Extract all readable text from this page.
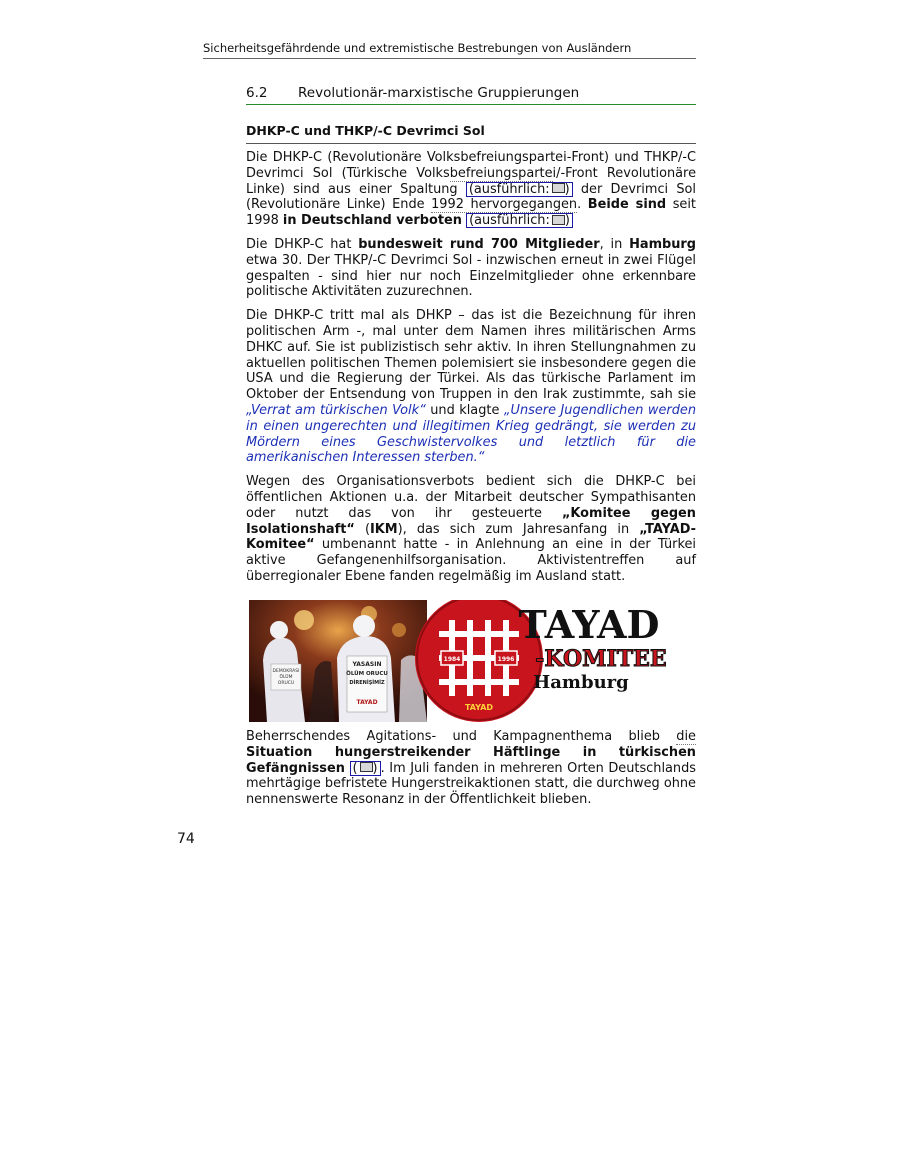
Sicherheitsgefährdende und extremistische Bestrebungen von Ausländern
6.2 Revolutionär-marxistische Gruppierungen
DHKP-C und THKP/-C Devrimci Sol

Die DHKP-C (Revolutionäre Volksbefreiungspartei-Front) und THKP/-C Devrimci Sol (Türkische Volksbefreiungspartei/-Front Revolutionäre Linke) sind aus einer Spaltung (ausführlich: ) der Devrimci Sol (Revolutionäre Linke) Ende 1992 hervorgegangen. Beide sind seit 1998 in Deutschland verboten (ausführlich: )

Die DHKP-C hat bundesweit rund 700 Mitglieder, in Hamburg etwa 30. Der THKP/-C Devrimci Sol - inzwischen erneut in zwei Flügel gespalten - sind hier nur noch Einzelmitglieder ohne erkennbare politische Aktivitäten zuzurechnen.

Die DHKP-C tritt mal als DHKP – das ist die Bezeichnung für ihren politischen Arm -, mal unter dem Namen ihres militärischen Arms DHKC auf. Sie ist publizistisch sehr aktiv. In ihren Stellungnahmen zu aktuellen politischen Themen polemisiert sie insbesondere gegen die USA und die Regierung der Türkei. Als das türkische Parlament im Oktober der Entsendung von Truppen in den Irak zustimmte, sah sie „Verrat am türkischen Volk“ und klagte „Unsere Jugendlichen werden in einen ungerechten und illegitimen Krieg gedrängt, sie werden zu Mördern eines Geschwistervolkes und letztlich für die amerikanischen Interessen sterben.“

Wegen des Organisationsverbots bedient sich die DHKP-C bei öffentlichen Aktionen u.a. der Mitarbeit deutscher Sympathisanten oder nutzt das von ihr gesteuerte „Komitee gegen Isolationshaft“ (IKM), das sich zum Jahresanfang in „TAYAD-Komitee“ umbenannt hatte - in Anlehnung an eine in der Türkei aktive Gefangenenhilfsorganisation. Aktivistentreffen auf überregionaler Ebene fanden regelmäßig im Ausland statt.

DEMOKRASI
ÖLÜM
ORUCU
YASASIN
ÖLÜM ORUCU
DİRENİŞİMİZ
TAYAD
1984	1996
TAYAD
TAYAD
-KOMITEE
Hamburg

Beherrschendes Agitations- und Kampagnenthema blieb die Situation hungerstreikender Häftlinge in türkischen Gefängnissen ( ) . Im Juli fanden in mehreren Orten Deutschlands mehrtägige befristete Hungerstreikaktionen statt, die durchweg ohne nennenswerte Resonanz in der Öffentlichkeit blieben.

74
